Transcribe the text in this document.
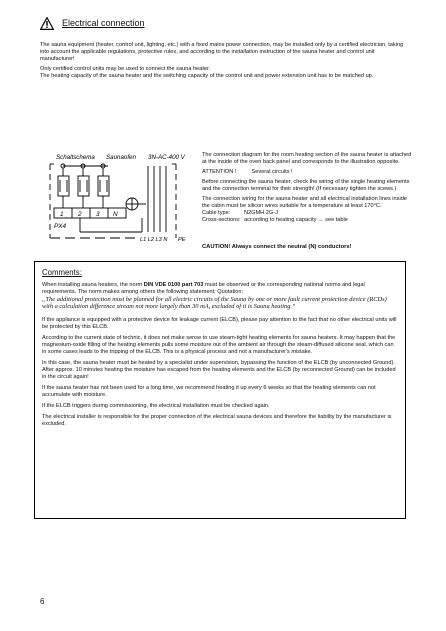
Electrical connection

The sauna equipment (heater, control unit, lighting, etc.) with a fixed mains power connection, may be installed only by a certified electrician, taking into account the applicable regulations, protective rules, and according to the installation instruction of the sauna heater and control unit manufacturer!

Only certified control units may be used to connect the sauna heater.

The heating capacity of the sauna heater and the switching capacity of the control unit and power extension unit has to be matched up.

Schaltschema Saunaofen 3N-AC-400 V
1 2 3 N
PX4
L1 L2 L3 N PE

The connection diagram for the room heating section of the sauna heater is attached at the inside of the oven back panel and corresponds to the illustration opposite.

ATTENTION !	Several circuits !

Before connecting the sauna heater, check the wiring of the single heating elements and the connection terminal for their strength! (If necessary tighten the scews.)

The connection wiring for the sauna heater and all electrical installation lines inside the cabin must be silicon wires suitable for a temperature at least 170°C.

Cable type: N2GMH 2G-J

Cross-sections: according to heating capacity → see table

CAUTION! Always connect the neutral (N) conductors!

Comments:

When installing sauna heaters, the norm DIN VDE 0100 part 703 must be observed or the corresponding national norms and legal requirements. The norm makes among others the following statement; Quotation:

„The additional protection must be planned for all electric circuits of the Sauna by one or more fault current protection device (RCDs) with a calculation difference stream not more largely than 30 mA, excluded of it is Sauna heating.“

If the appliance is equipped with a protective device for leakage current (ELCB), please pay attention to the fact that no other electrical units will be protected by this ELCB.

According to the current state of technic, it does not make sense to use steam-tight heating elements for sauna heaters. It may happen that the magnesium-oxide filling of the heating elements pulls some moisture out of the ambient air through the steam-diffused silicone seal, which can in some cases leads to the tripping of the ELCB. This is a physical process and not a manufacturer's mistake.

In this case, the sauna heater must be heated by a specialist under supervision, bypassing the function of the ELCB (by unconnected Ground). After approx. 10 minutes heating the moisture has escaped from the heating elements and the ELCB (by reconnected Ground) can be included in the circuit again!

If the sauna heater has not been used for a long time, we recommend heating it up every 6 weeks so that the heating elements can not accumulate with moisture.

If the ELCB triggers during commissioning, the electrical installation must be checked again.

The electrical installer is responsible for the proper connection of the electrical sauna devices and therefore the liability by the manufacturer is excluded.

6
